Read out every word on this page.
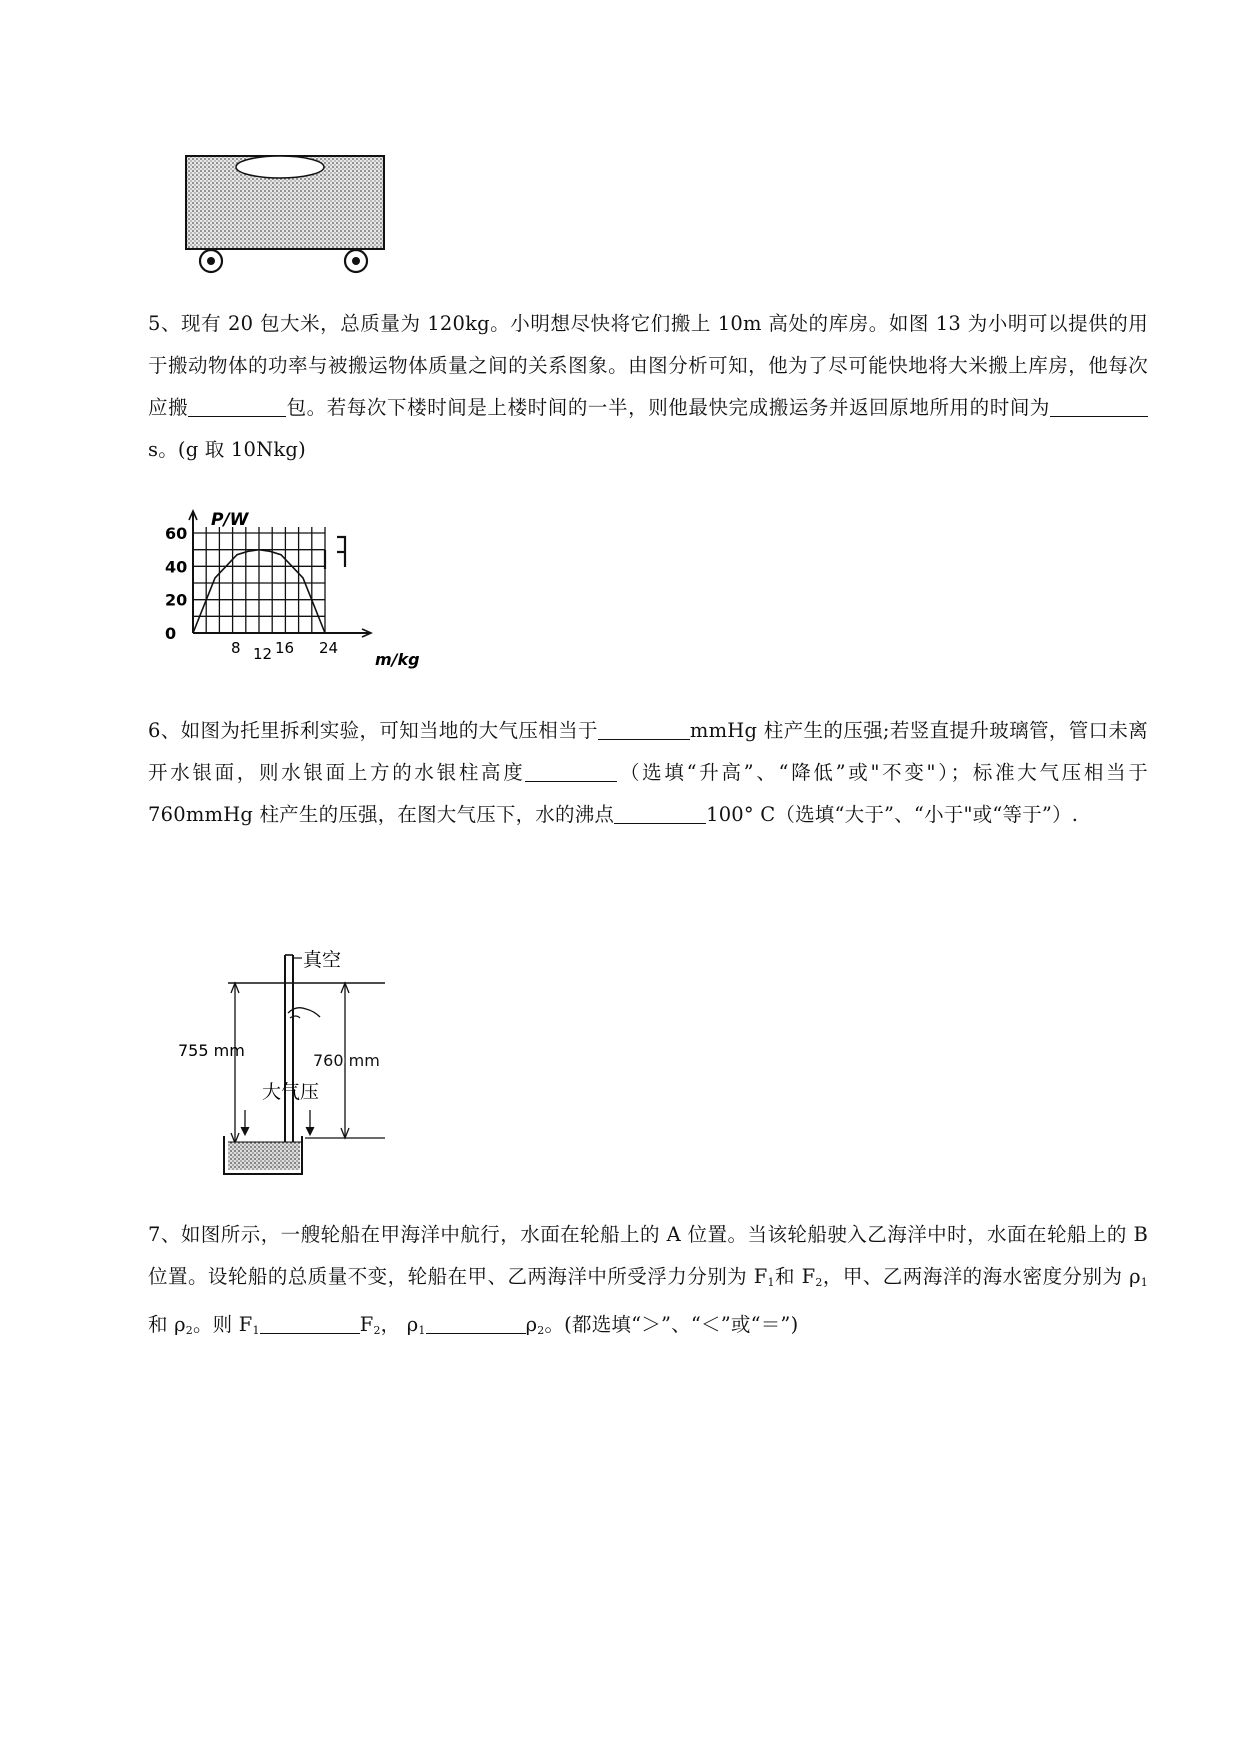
5、现有 20 包大米，总质量为 120kg。小明想尽快将它们搬上 10m 高处的库房。如图 13 为小明可以提供的用于搬动物体的功率与被搬运物体质量之间的关系图象。由图分析可知，他为了尽可能快地将大米搬上库房，他每次应搬	包。若每次下楼时间是上楼时间的一半，则他最快完成搬运务并返回原地所用的时间为s。(g 取 10Nkg)
60
40
20
0
8 12 16 24
P/W
m/kg
6、如图为托里拆利实验，可知当地的大气压相当于	mmHg 柱产生的压强;若竖直提升玻璃管，管口未离开水银面，则水银面上方的水银柱高度	（选填“升高”、“降低”或"不变"）；标准大气压相当于 760mmHg 柱产生的压强，在图大气压下，水的沸点	100° C（选填“大于”、“小于"或“等于”）.
真空
755 mm
760 mm
大气压
7、如图所示，一艘轮船在甲海洋中航行，水面在轮船上的 A 位置。当该轮船驶入乙海洋中时，水面在轮船上的 B 位置。设轮船的总质量不变，轮船在甲、乙两海洋中所受浮力分别为 $F_1$和 $F_2$，甲、乙两海洋的海水密度分别为 $\rho_1$和 $\rho_2$。则 $F_1$	$F_2$， $\rho_1$	$\rho_2$。(都选填“＞”、“＜”或“＝”)
